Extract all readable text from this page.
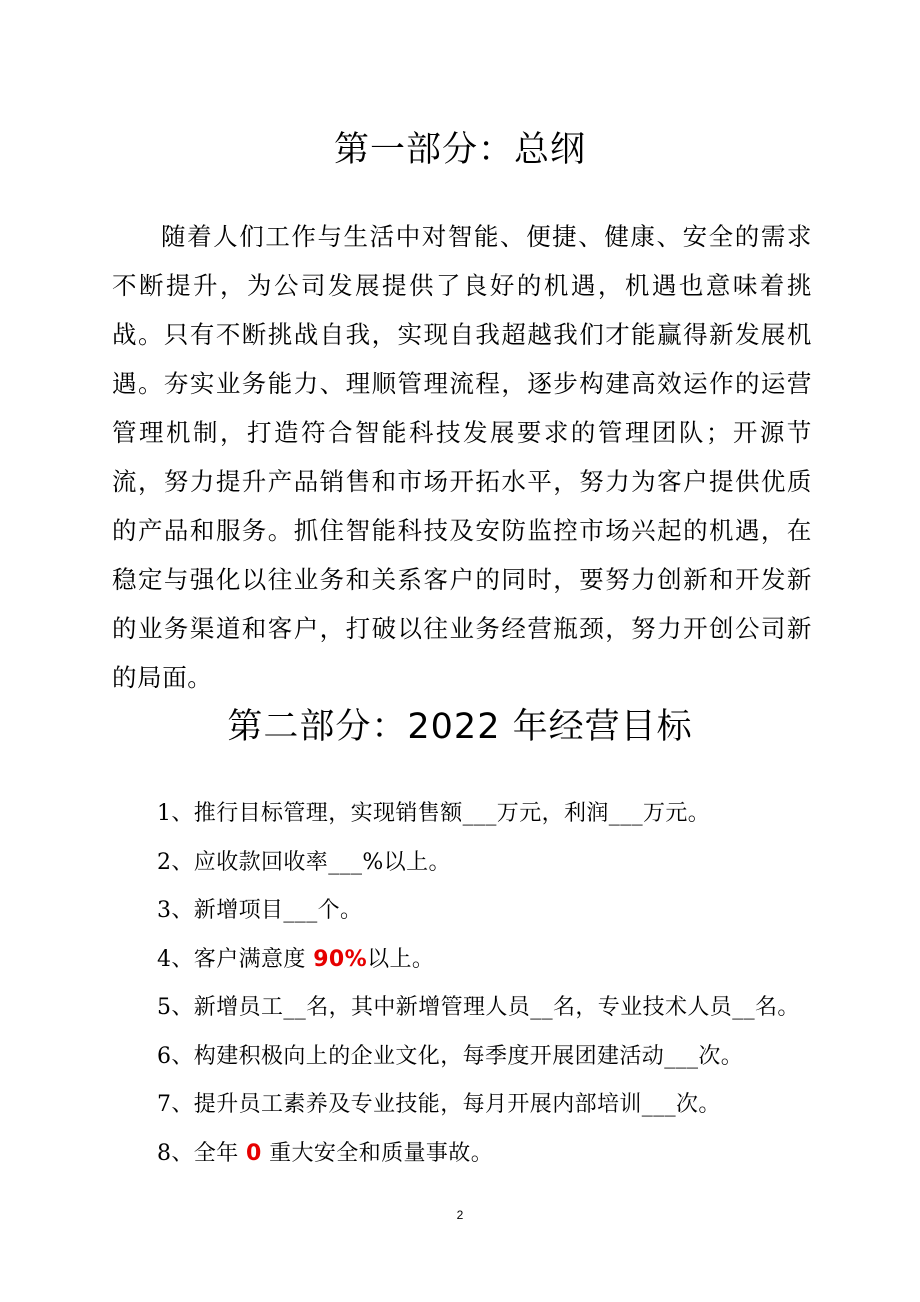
第一部分：总纲

随着人们工作与生活中对智能、便捷、健康、安全的需求不断提升，为公司发展提供了良好的机遇，机遇也意味着挑战。只有不断挑战自我，实现自我超越我们才能赢得新发展机遇。夯实业务能力、理顺管理流程，逐步构建高效运作的运营管理机制，打造符合智能科技发展要求的管理团队；开源节流，努力提升产品销售和市场开拓水平，努力为客户提供优质的产品和服务。抓住智能科技及安防监控市场兴起的机遇，在稳定与强化以往业务和关系客户的同时，要努力创新和开发新的业务渠道和客户，打破以往业务经营瓶颈，努力开创公司新的局面。

第二部分：2022 年经营目标
1、推行目标管理，实现销售额___万元，利润___万元。
2、应收款回收率___%以上。
3、新增项目___个。
4、客户满意度 90%以上。
5、新增员工__名，其中新增管理人员__名，专业技术人员__名。
6、构建积极向上的企业文化，每季度开展团建活动___次。
7、提升员工素养及专业技能，每月开展内部培训___次。
8、全年 0 重大安全和质量事故。
2
